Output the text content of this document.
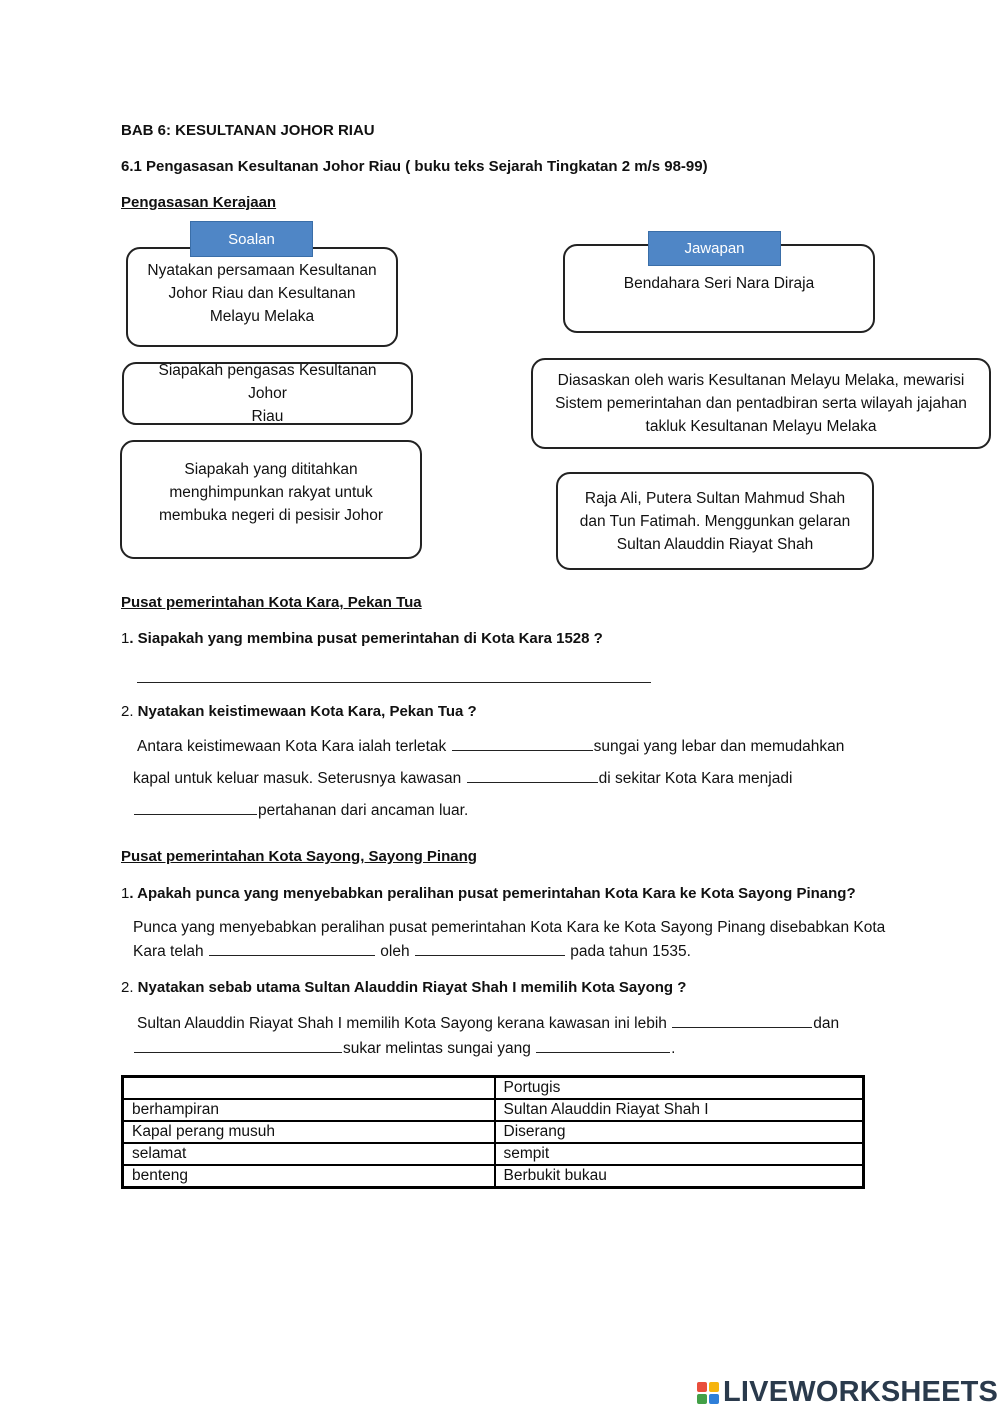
BAB 6: KESULTANAN JOHOR RIAU
6.1 Pengasasan Kesultanan Johor Riau ( buku teks Sejarah Tingkatan 2 m/s 98-99)
Pengasasan Kerajaan
Nyatakan persamaan Kesultanan
Johor Riau dan Kesultanan
Melayu Melaka
Soalan
Siapakah pengasas Kesultanan Johor
Riau
Siapakah yang dititahkan
menghimpunkan rakyat untuk
membuka negeri di pesisir Johor
Bendahara Seri Nara Diraja
Jawapan
Diasaskan oleh waris Kesultanan Melayu Melaka, mewarisi
Sistem pemerintahan dan pentadbiran serta wilayah jajahan
takluk Kesultanan Melayu Melaka
Raja Ali, Putera Sultan Mahmud Shah
dan Tun Fatimah. Menggunkan gelaran
Sultan Alauddin Riayat Shah
Pusat pemerintahan Kota Kara, Pekan Tua
1. Siapakah yang membina pusat pemerintahan di Kota Kara 1528 ?
2. Nyatakan keistimewaan Kota Kara, Pekan Tua ?
Antara keistimewaan Kota Kara ialah terletak	sungai yang lebar dan memudahkan
kapal untuk keluar masuk. Seterusnya kawasan	di sekitar Kota Kara menjadi
pertahanan dari ancaman luar.
Pusat pemerintahan Kota Sayong, Sayong Pinang
1. Apakah punca yang menyebabkan peralihan pusat pemerintahan Kota Kara ke Kota Sayong Pinang?
Punca yang menyebabkan peralihan pusat pemerintahan Kota Kara ke Kota Sayong Pinang disebabkan Kota
Kara telah	oleh	pada tahun 1535.
2. Nyatakan sebab utama Sultan Alauddin Riayat Shah I memilih Kota Sayong ?
Sultan Alauddin Riayat Shah I memilih Kota Sayong kerana kawasan ini lebih	dan
sukar melintas sungai yang	.
	Portugis
berhampiran	Sultan Alauddin Riayat Shah I
Kapal perang musuh	Diserang
selamat	sempit
benteng	Berbukit bukau
LIVEWORKSHEETS
